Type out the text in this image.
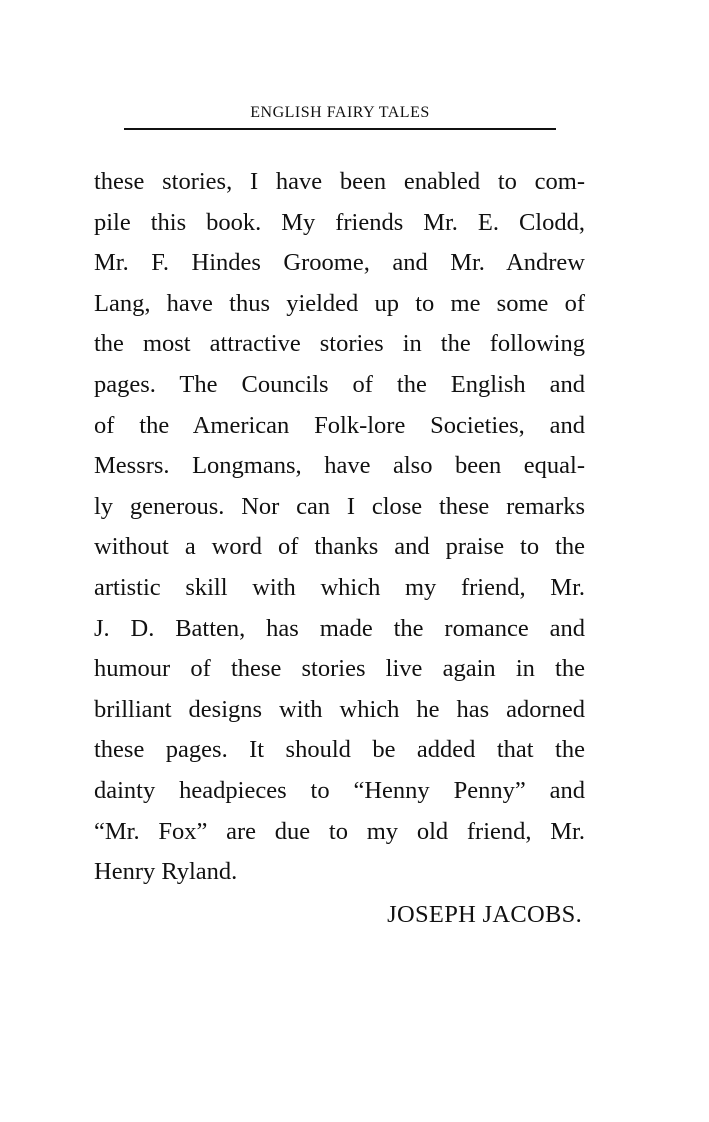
ENGLISH FAIRY TALES
these stories, I have been enabled to com-
pile this book. My friends Mr. E. Clodd,
Mr. F. Hindes Groome, and Mr. Andrew
Lang, have thus yielded up to me some of
the most attractive stories in the following
pages. The Councils of the English and
of the American Folk-lore Societies, and
Messrs. Longmans, have also been equal-
ly generous. Nor can I close these remarks
without a word of thanks and praise to the
artistic skill with which my friend, Mr.
J. D. Batten, has made the romance and
humour of these stories live again in the
brilliant designs with which he has adorned
these pages. It should be added that the
dainty headpieces to “Henny Penny” and
“Mr. Fox” are due to my old friend, Mr.
Henry Ryland.
JOSEPH JACOBS.
